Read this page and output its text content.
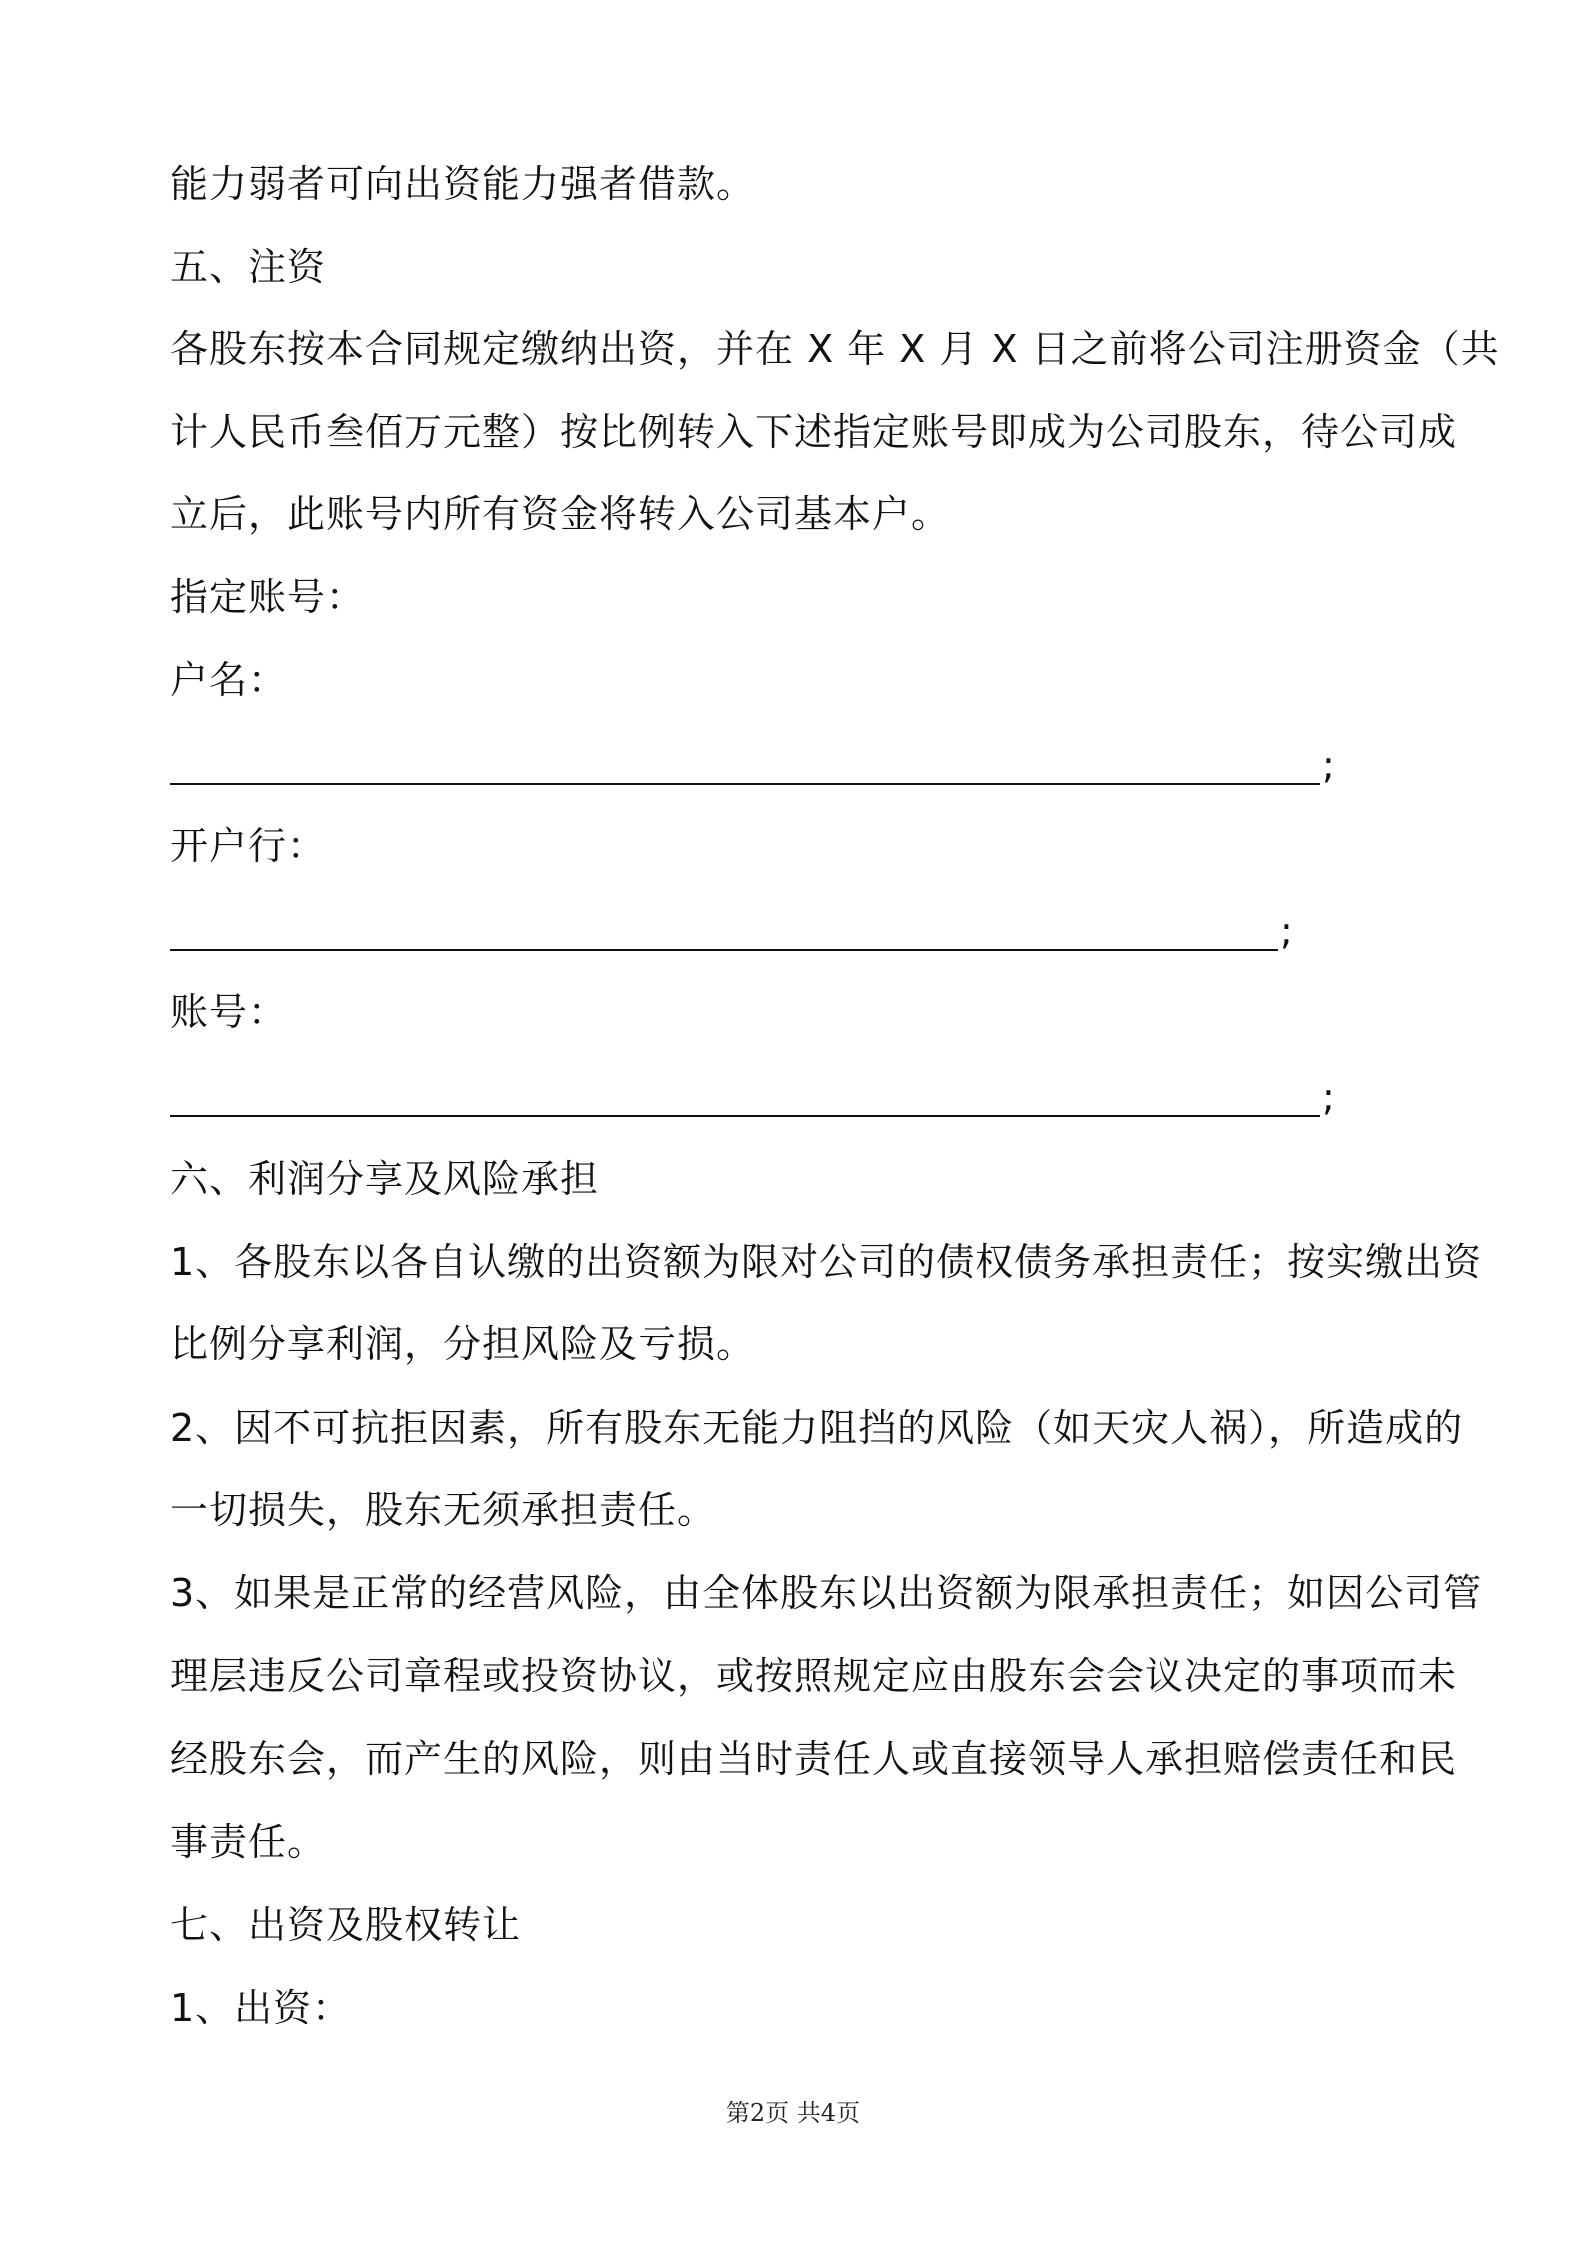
能力弱者可向出资能力强者借款。
五、注资
各股东按本合同规定缴纳出资，并在 X 年 X 月 X 日之前将公司注册资金（共
计人民币叁佰万元整）按比例转入下述指定账号即成为公司股东，待公司成
立后，此账号内所有资金将转入公司基本户。
指定账号：
户名：
;
开户行：
;
账号：
;
六、利润分享及风险承担
1、各股东以各自认缴的出资额为限对公司的债权债务承担责任；按实缴出资
比例分享利润，分担风险及亏损。
2、因不可抗拒因素，所有股东无能力阻挡的风险（如天灾人祸），所造成的
一切损失，股东无须承担责任。
3、如果是正常的经营风险，由全体股东以出资额为限承担责任；如因公司管
理层违反公司章程或投资协议，或按照规定应由股东会会议决定的事项而未
经股东会，而产生的风险，则由当时责任人或直接领导人承担赔偿责任和民
事责任。
七、出资及股权转让
1、出资：
第2页 共4页
